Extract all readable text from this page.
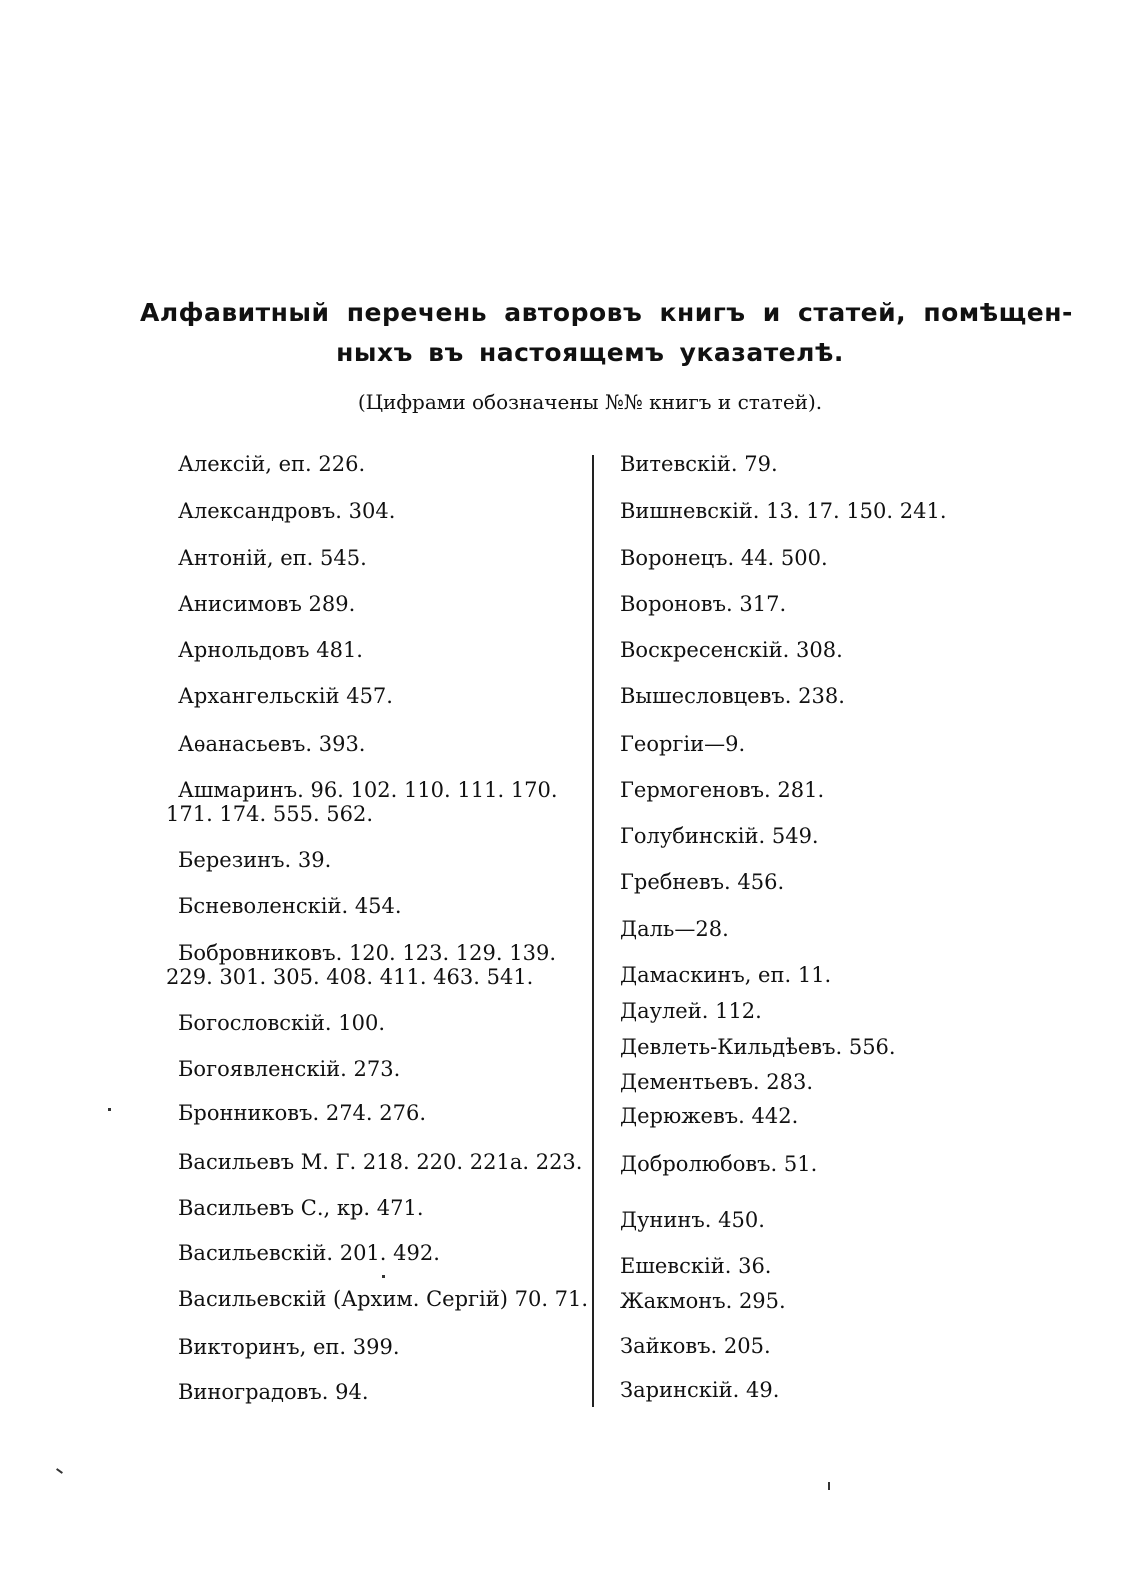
Алфавитный перечень авторовъ книгъ и статей, помѣщен-
ныхъ въ настоящемъ указателѣ.
(Цифрами обозначены №№ книгъ и статей).
Алексій, еп. 226.
Александровъ. 304.
Антоній, еп. 545.
Анисимовъ 289.
Арнольдовъ 481.
Архангельскій 457.
Аѳанасьевъ. 393.
Ашмаринъ. 96. 102. 110. 111. 170.
171. 174. 555. 562.
Березинъ. 39.
Бсневоленскій. 454.
Бобровниковъ. 120. 123. 129. 139.
229. 301. 305. 408. 411. 463. 541.
Богословскій. 100.
Богоявленскій. 273.
Бронниковъ. 274. 276.
Васильевъ М. Г. 218. 220. 221а. 223.
Васильевъ С., кр. 471.
Васильевскій. 201. 492.
Васильевскій (Архим. Сергій) 70. 71.
Викторинъ, еп. 399.
Виноградовъ. 94.
Витевскій. 79.
Вишневскій. 13. 17. 150. 241.
Воронецъ. 44. 500.
Вороновъ. 317.
Воскресенскій. 308.
Вышесловцевъ. 238.
Георгiи—9.
Гермогеновъ. 281.
Голубинскій. 549.
Гребневъ. 456.
Даль—28.
Дамаскинъ, еп. 11.
Даулей. 112.
Девлеть-Кильдѣевъ. 556.
Дементьевъ. 283.
Дерюжевъ. 442.
Добролюбовъ. 51.
Дунинъ. 450.
Ешевскій. 36.
Жакмонъ. 295.
Зайковъ. 205.
Заринскій. 49.
